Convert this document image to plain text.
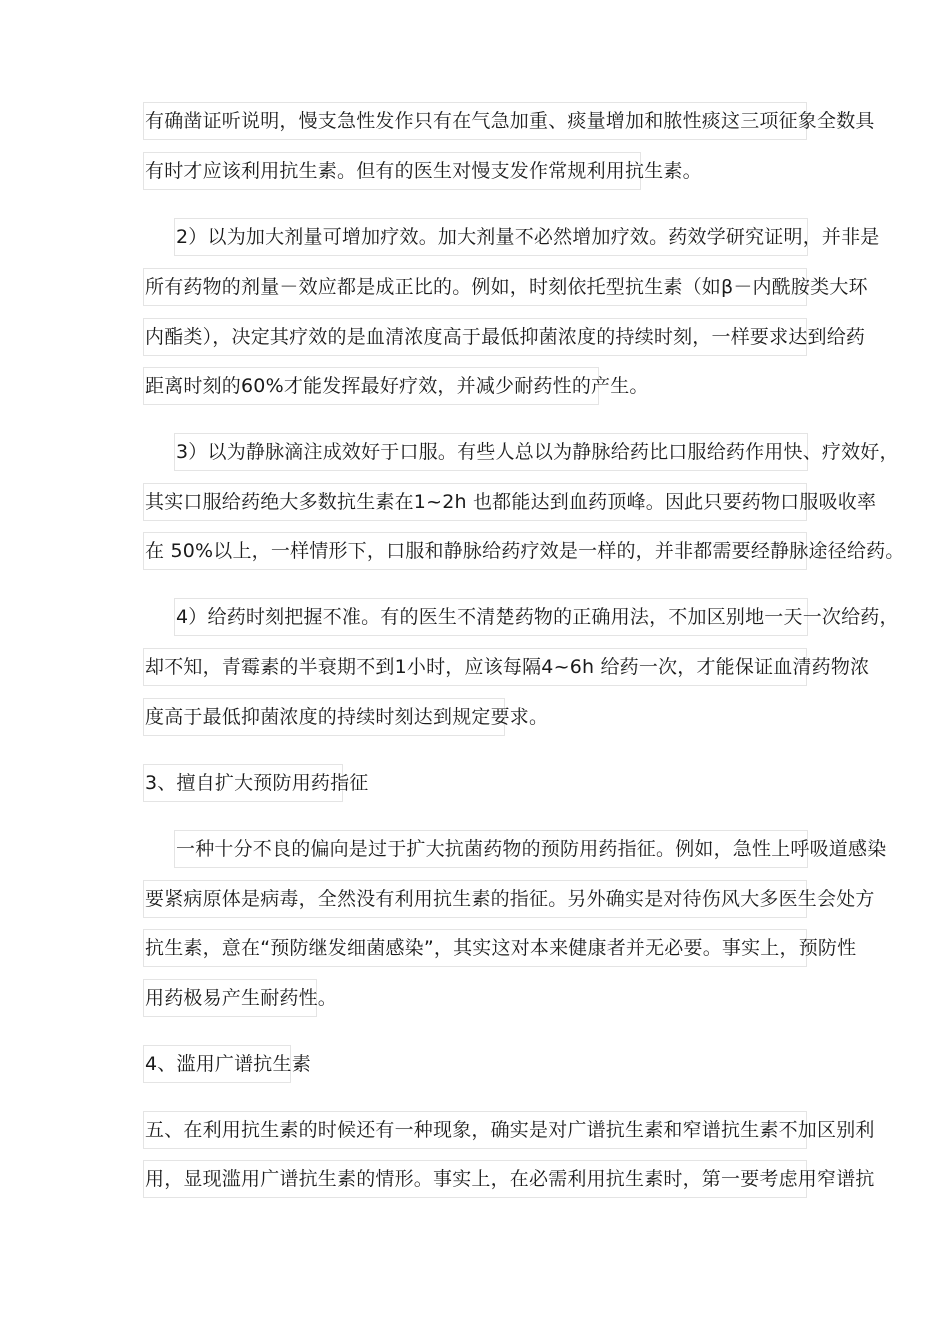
有确凿证听说明，慢支急性发作只有在气急加重、痰量增加和脓性痰这三项征象全数具
有时才应该利用抗生素。但有的医生对慢支发作常规利用抗生素。
2）以为加大剂量可增加疗效。加大剂量不必然增加疗效。药效学研究证明，并非是
所有药物的剂量－效应都是成正比的。例如，时刻依托型抗生素（如β－内酰胺类大环
内酯类），决定其疗效的是血清浓度高于最低抑菌浓度的持续时刻，一样要求达到给药
距离时刻的60%才能发挥最好疗效，并减少耐药性的产生。
3）以为静脉滴注成效好于口服。有些人总以为静脉给药比口服给药作用快、疗效好，
其实口服给药绝大多数抗生素在1~2h 也都能达到血药顶峰。因此只要药物口服吸收率
在 50%以上，一样情形下，口服和静脉给药疗效是一样的，并非都需要经静脉途径给药。
4）给药时刻把握不准。有的医生不清楚药物的正确用法，不加区别地一天一次给药，
却不知，青霉素的半衰期不到1小时，应该每隔4~6h 给药一次，才能保证血清药物浓
度高于最低抑菌浓度的持续时刻达到规定要求。
3、擅自扩大预防用药指征
一种十分不良的偏向是过于扩大抗菌药物的预防用药指征。例如，急性上呼吸道感染
要紧病原体是病毒，全然没有利用抗生素的指征。另外确实是对待伤风大多医生会处方
抗生素，意在“预防继发细菌感染”，其实这对本来健康者并无必要。事实上，预防性
用药极易产生耐药性。
4、滥用广谱抗生素
五、在利用抗生素的时候还有一种现象，确实是对广谱抗生素和窄谱抗生素不加区别利
用，显现滥用广谱抗生素的情形。事实上，在必需利用抗生素时，第一要考虑用窄谱抗
